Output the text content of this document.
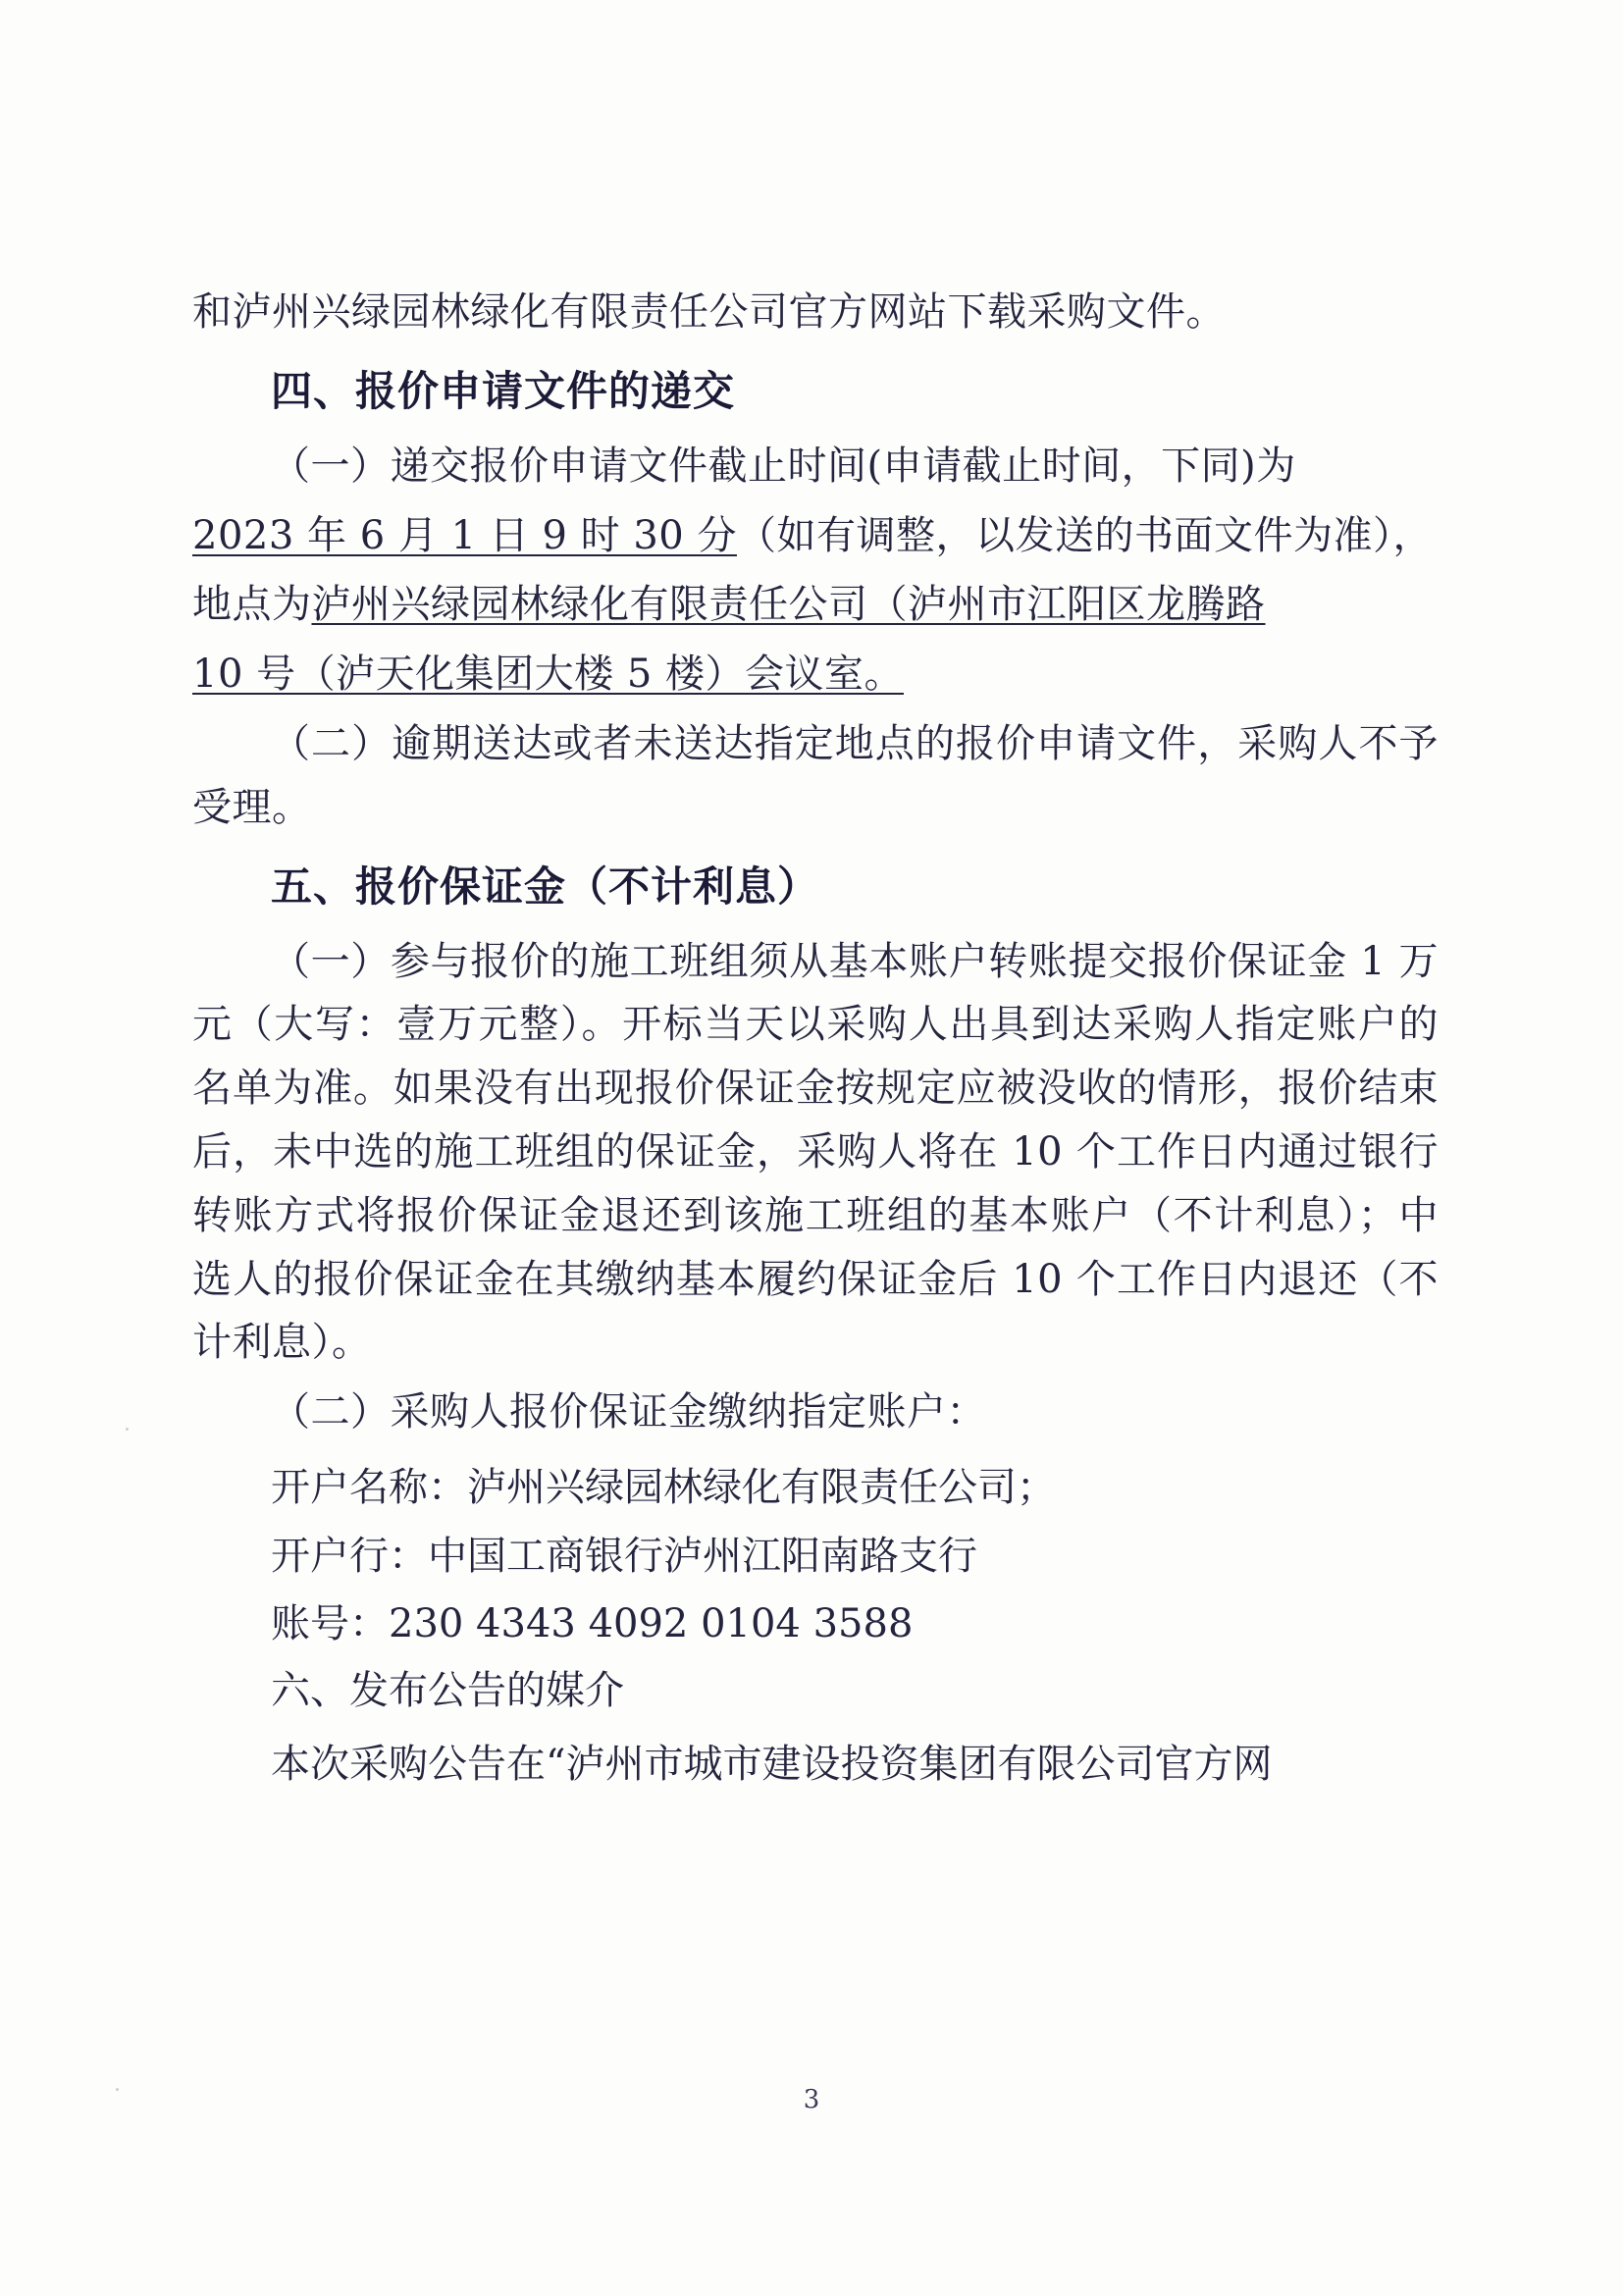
和泸州兴绿园林绿化有限责任公司官方网站下载采购文件。

四、报价申请文件的递交

（一）递交报价申请文件截止时间(申请截止时间，下同)为

2023 年 6 月 1 日 9 时 30 分（如有调整，以发送的书面文件为准），

地点为泸州兴绿园林绿化有限责任公司（泸州市江阳区龙腾路

10 号（泸天化集团大楼 5 楼）会议室。

（二）逾期送达或者未送达指定地点的报价申请文件，采购人不予受理。

五、报价保证金（不计利息）

（一）参与报价的施工班组须从基本账户转账提交报价保证金 1 万元（大写：壹万元整）。开标当天以采购人出具到达采购人指定账户的名单为准。如果没有出现报价保证金按规定应被没收的情形，报价结束后，未中选的施工班组的保证金，采购人将在 10 个工作日内通过银行转账方式将报价保证金退还到该施工班组的基本账户（不计利息）；中选人的报价保证金在其缴纳基本履约保证金后 10 个工作日内退还（不计利息）。

（二）采购人报价保证金缴纳指定账户：

开户名称：泸州兴绿园林绿化有限责任公司；

开户行：中国工商银行泸州江阳南路支行

账号：230 4343 4092 0104 3588

六、发布公告的媒介

本次采购公告在“泸州市城市建设投资集团有限公司官方网

3
